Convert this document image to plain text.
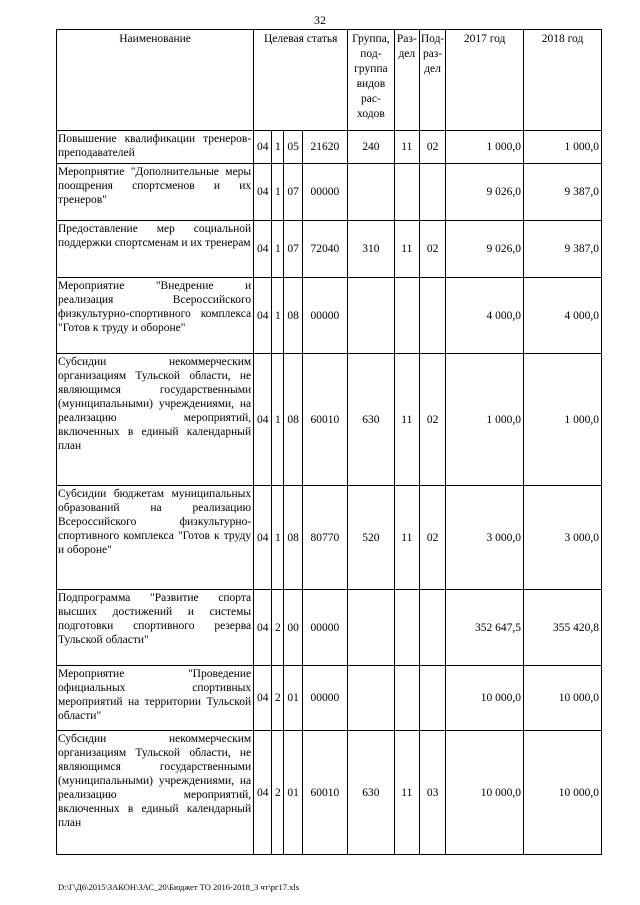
32
Наименование	Целевая статья				Группа, под- группа видов рас- ходов	Раз- дел	Под- раз- дел	2017 год	2018 год
Повышение квалификации тренеров-преподавателей	04	1	05	21620	240	11	02	1 000,0	1 000,0
Мероприятие "Дополнительные меры поощрения спортсменов и их тренеров"	04	1	07	00000				9 026,0	9 387,0
Предоставление мер социальной поддержки спортсменам и их тренерам	04	1	07	72040	310	11	02	9 026,0	9 387,0
Мероприятие "Внедрение и реализация Всероссийского физкультурно-спортивного комплекса "Готов к труду и обороне"	04	1	08	00000				4 000,0	4 000,0
Субсидии некоммерческим организациям Тульской области, не являющимся государственными (муниципальными) учреждениями, на реализацию мероприятий, включенных в единый календарный план	04	1	08	60010	630	11	02	1 000,0	1 000,0
Субсидии бюджетам муниципальных образований на реализацию Всероссийского физкультурно-спортивного комплекса "Готов к труду и обороне"	04	1	08	80770	520	11	02	3 000,0	3 000,0
Подпрограмма "Развитие спорта высших достижений и системы подготовки спортивного резерва Тульской области"	04	2	00	00000				352 647,5	355 420,8
Мероприятие "Проведение официальных спортивных мероприятий на территории Тульской области"	04	2	01	00000				10 000,0	10 000,0
Субсидии некоммерческим организациям Тульской области, не являющимся государственными (муниципальными) учреждениями, на реализацию мероприятий, включенных в единый календарный план	04	2	01	60010	630	11	03	10 000,0	10 000,0
D:\Г\Д6\2015\ЗАКОН\ЗАС_20\Бюджет ТО 2016-2018_3 чт\рг17.xls
